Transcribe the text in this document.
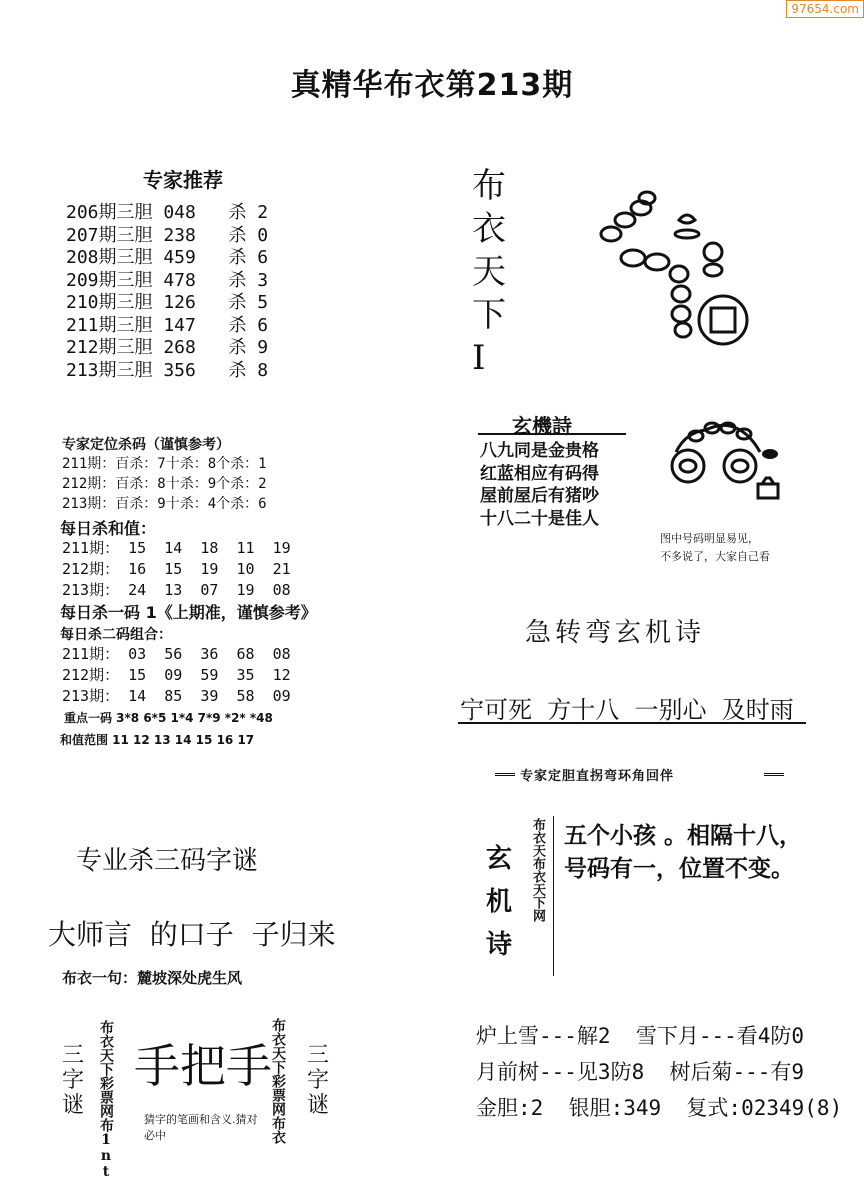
97654.com
真精华布衣第213期
专家推荐
206期三胆 048   杀 2
207期三胆 238   杀 0
208期三胆 459   杀 6
209期三胆 478   杀 3
210期三胆 126   杀 5
211期三胆 147   杀 6
212期三胆 268   杀 9
213期三胆 356   杀 8
专家定位杀码（谨慎参考）
211期：百杀：7十杀：8个杀：1
212期：百杀：8十杀：9个杀：2
213期：百杀：9十杀：4个杀：6
每日杀和值：
211期： 15  14  18  11  19
212期： 16  15  19  10  21
213期： 24  13  07  19  08
每日杀一码 1《上期准，谨慎参考》
每日杀二码组合：
211期： 03  56  36  68  08
212期： 15  09  59  35  12
213期： 14  85  39  58  09
重点一码 3*8 6*5 1*4 7*9 *2* *48
和值范围 11 12 13 14 15 16 17
专业杀三码字谜
大师言  的口子  子归来
布衣一句：麓坡深处虎生风
三字谜 布衣天下彩票网布1nt 手把手
猜字的笔画和含义.猜对必中	布衣天下彩票网布衣 三字谜
布衣天下I
玄機詩
八九同是金贵格
红蓝相应有码得
屋前屋后有猪吵
十八二十是佳人
图中号码明显易见，
不多说了，大家自己看
急转弯玄机诗
宁可死  方十八  一别心  及时雨
专家定胆直拐弯环角回伴
玄机诗
布衣天布衣天下网 五个小孩 。相隔十八，
号码有一，位置不变。
炉上雪---解2  雪下月---看4防0
月前树---见3防8  树后菊---有9
金胆:2  银胆:349  复式:02349(8)
